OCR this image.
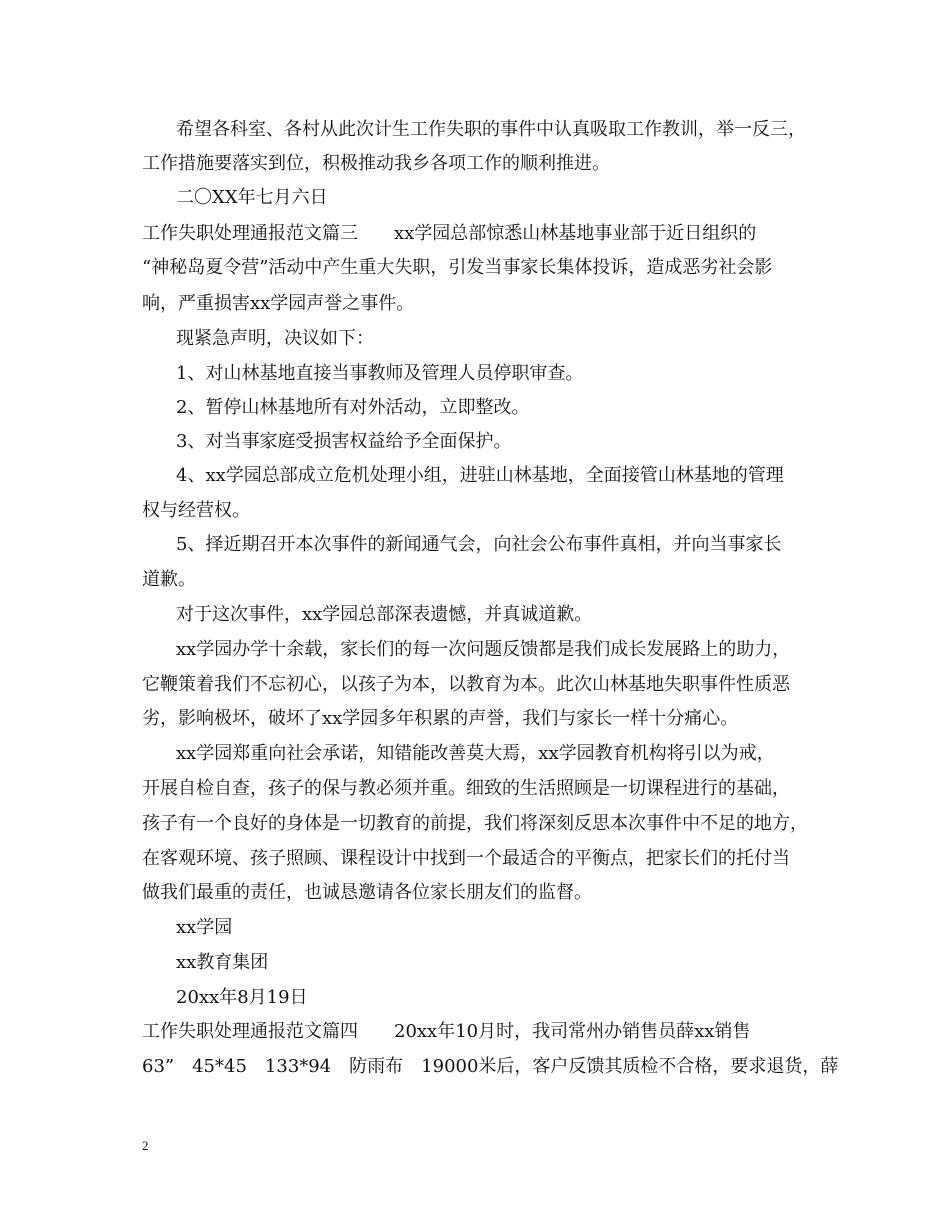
希望各科室、各村从此次计生工作失职的事件中认真吸取工作教训，举一反三，
工作措施要落实到位，积极推动我乡各项工作的顺利推进。
二〇XX年七月六日
工作失职处理通报范文篇三　　xx学园总部惊悉山林基地事业部于近日组织的
“神秘岛夏令营”活动中产生重大失职，引发当事家长集体投诉，造成恶劣社会影
响，严重损害xx学园声誉之事件。
现紧急声明，决议如下：
1、对山林基地直接当事教师及管理人员停职审查。
2、暂停山林基地所有对外活动，立即整改。
3、对当事家庭受损害权益给予全面保护。
4、xx学园总部成立危机处理小组，进驻山林基地，全面接管山林基地的管理
权与经营权。
5、择近期召开本次事件的新闻通气会，向社会公布事件真相，并向当事家长
道歉。
对于这次事件，xx学园总部深表遗憾，并真诚道歉。
xx学园办学十余载，家长们的每一次问题反馈都是我们成长发展路上的助力，
它鞭策着我们不忘初心，以孩子为本，以教育为本。此次山林基地失职事件性质恶
劣，影响极坏，破坏了xx学园多年积累的声誉，我们与家长一样十分痛心。
xx学园郑重向社会承诺，知错能改善莫大焉，xx学园教育机构将引以为戒，
开展自检自查，孩子的保与教必须并重。细致的生活照顾是一切课程进行的基础，
孩子有一个良好的身体是一切教育的前提，我们将深刻反思本次事件中不足的地方，
在客观环境、孩子照顾、课程设计中找到一个最适合的平衡点，把家长们的托付当
做我们最重的责任，也诚恳邀请各位家长朋友们的监督。
xx学园
xx教育集团
20xx年8月19日
工作失职处理通报范文篇四　　20xx年10月时，我司常州办销售员薛xx销售
63”　45*45　133*94　防雨布　19000米后，客户反馈其质检不合格，要求退货，薛
2
